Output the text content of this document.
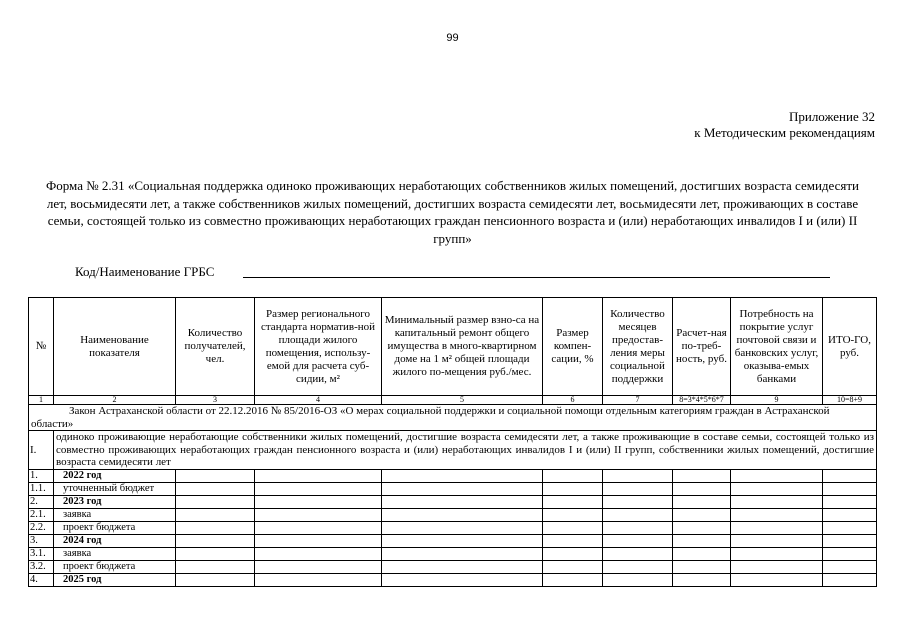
99
Приложение 32
к Методическим рекомендациям
Форма № 2.31 «Социальная поддержка одиноко проживающих неработающих собственников жилых помещений, достигших возраста семидесяти лет, восьмидесяти лет, а также собственников жилых помещений, достигших возраста семидесяти лет, восьмидесяти лет, проживающих в составе семьи, состоящей только из совместно проживающих неработающих граждан пенсионного возраста и (или) неработающих инвалидов I и (или) II групп»
Код/Наименование ГРБС
№	Наименование показателя	Количество получателей, чел.	Размер регионального стандарта норматив-ной площади жилого помещения, использу-емой для расчета суб-сидии, м²	Минимальный размер взно-са на капитальный ремонт общего имущества в много-квартирном доме на 1 м² общей площади жилого по-мещения руб./мес.	Размер компен-сации, %	Количество месяцев предостав-ления меры социальной поддержки	Расчет-ная по-треб-ность, руб.	Потребность на покрытие услуг почтовой связи и банковских услуг, оказыва-емых банками	ИТО-ГО, руб.
1	2	3	4	5	6	7	8=3*4*5*6*7	9	10=8+9
Закон Астраханской области от 22.12.2016 № 85/2016-ОЗ «О мерах социальной поддержки и социальной помощи отдельным категориям граждан в Астраханской области»									
I.	одиноко проживающие неработающие собственники жилых помещений, достигшие возраста семидесяти лет, а также проживающие в составе семьи, состоящей только из совместно проживающих неработающих граждан пенсионного возраста и (или) неработающих инвалидов I и (или) II групп, собственники жилых помещений, достигшие возраста семидесяти лет								
1.	2022 год								
1.1.	уточненный бюджет								
2.	2023 год								
2.1.	заявка								
2.2.	проект бюджета								
3.	2024 год								
3.1.	заявка								
3.2.	проект бюджета								
4.	2025 год								
